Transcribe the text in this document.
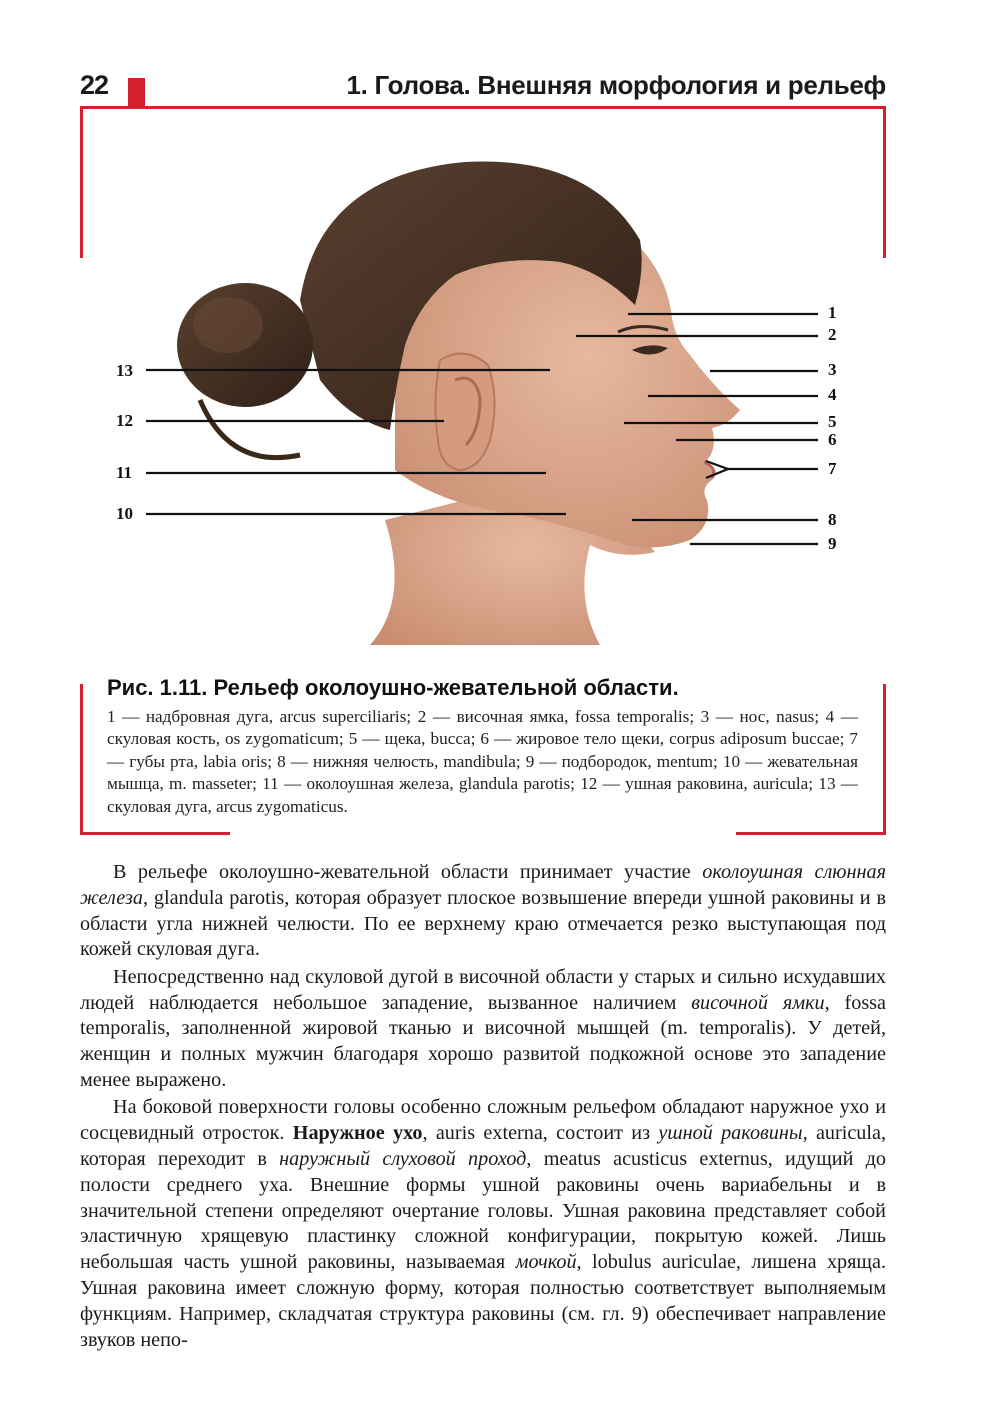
22	1. Голова. Внешняя морфология и рельеф
1
2
3
4
5
6
7
8
9
13
12
11
10
Рис. 1.11. Рельеф околоушно-жевательной области.
1 — надбровная дуга, arcus superciliaris; 2 — височная ямка, fossa temporalis; 3 — нос, nasus; 4 — скуловая кость, os zygomaticum; 5 — щека, bucca; 6 — жировое тело щеки, corpus adiposum buccae; 7 — губы рта, labia oris; 8 — нижняя челюсть, mandibula; 9 — подбородок, mentum; 10 — жевательная мышца, m. masseter; 11 — околоушная железа, glandula parotis; 12 — ушная раковина, auricula; 13 — скуловая дуга, arcus zygomaticus.

В рельефе околоушно-жевательной области принимает участие околоушная слюнная железа, glandula parotis, которая образует плоское возвышение впереди ушной раковины и в области угла нижней челюсти. По ее верхнему краю отмечается резко выступающая под кожей скуловая дуга.

Непосредственно над скуловой дугой в височной области у старых и сильно исхудавших людей наблюдается небольшое западение, вызванное наличием височной ямки, fossa temporalis, заполненной жировой тканью и височной мышцей (m. temporalis). У детей, женщин и полных мужчин благодаря хорошо развитой подкожной основе это западение менее выражено.

На боковой поверхности головы особенно сложным рельефом обладают наружное ухо и сосцевидный отросток. Наружное ухо, auris externa, состоит из ушной раковины, auricula, которая переходит в наружный слуховой проход, meatus acusticus externus, идущий до полости среднего уха. Внешние формы ушной раковины очень вариабельны и в значительной степени определяют очертание головы. Ушная раковина представляет собой эластичную хрящевую пластинку сложной конфигурации, покрытую кожей. Лишь небольшая часть ушной раковины, называемая мочкой, lobulus auriculae, лишена хряща. Ушная раковина имеет сложную форму, которая полностью соответствует выполняемым функциям. Например, складчатая структура раковины (см. гл. 9) обеспечивает направление звуков непо-
